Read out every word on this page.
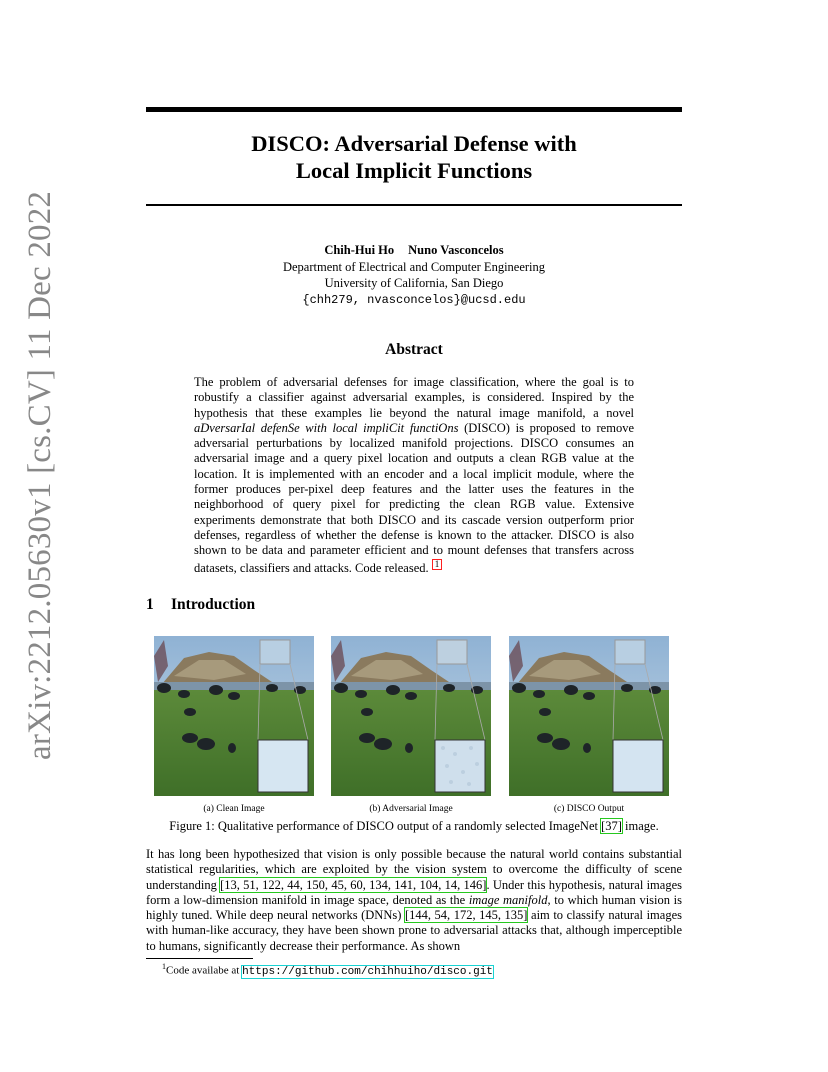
arXiv:2212.05630v1 [cs.CV] 11 Dec 2022
DISCO: Adversarial Defense with
Local Implicit Functions
Chih-Hui Ho Nuno Vasconcelos
Department of Electrical and Computer Engineering
University of California, San Diego
{chh279, nvasconcelos}@ucsd.edu
Abstract
The problem of adversarial defenses for image classification, where the goal is to robustify a classifier against adversarial examples, is considered. Inspired by the hypothesis that these examples lie beyond the natural image manifold, a novel aDversarIal defenSe with local impliCit functiOns (DISCO) is proposed to remove adversarial perturbations by localized manifold projections. DISCO consumes an adversarial image and a query pixel location and outputs a clean RGB value at the location. It is implemented with an encoder and a local implicit module, where the former produces per-pixel deep features and the latter uses the features in the neighborhood of query pixel for predicting the clean RGB value. Extensive experiments demonstrate that both DISCO and its cascade version outperform prior defenses, regardless of whether the defense is known to the attacker. DISCO is also shown to be data and parameter efficient and to mount defenses that transfers across datasets, classifiers and attacks. Code released. 1
1 Introduction
(a) Clean Image	(b) Adversarial Image	(c) DISCO Output
Figure 1: Qualitative performance of DISCO output of a randomly selected ImageNet [37] image.
It has long been hypothesized that vision is only possible because the natural world contains substantial statistical regularities, which are exploited by the vision system to overcome the difficulty of scene understanding [13, 51, 122, 44, 150, 45, 60, 134, 141, 104, 14, 146]. Under this hypothesis, natural images form a low-dimension manifold in image space, denoted as the image manifold, to which human vision is highly tuned. While deep neural networks (DNNs) [144, 54, 172, 145, 135] aim to classify natural images with human-like accuracy, they have been shown prone to adversarial attacks that, although imperceptible to humans, significantly decrease their performance. As shown
$^1$Code availabe at https://github.com/chihhuiho/disco.git
